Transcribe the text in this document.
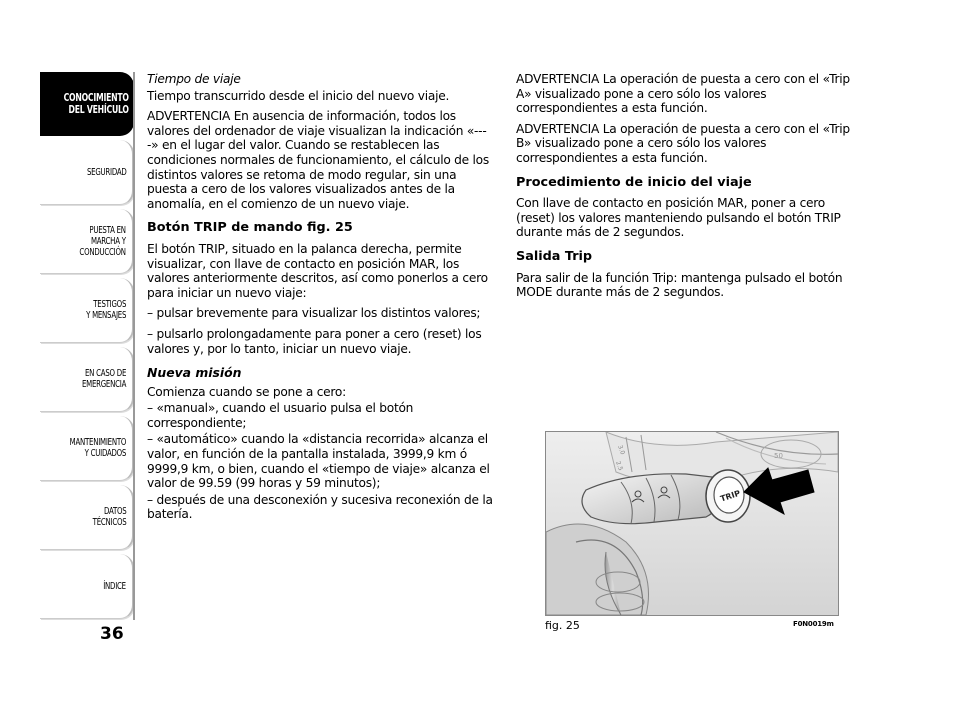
CONOCIMIENTO
DEL VEHÍCULO
SEGURIDAD
PUESTA EN
MARCHA Y
CONDUCCIÓN
TESTIGOS
Y MENSAJES
EN CASO DE
EMERGENCIA
MANTENIMIENTO
Y CUIDADOS
DATOS
TÉCNICOS
ÍNDICE
36

Tiempo de viaje

Tiempo transcurrido desde el inicio del nuevo viaje.

ADVERTENCIA En ausencia de información, todos los valores del ordenador de viaje visualizan la indicación «----» en el lugar del valor. Cuando se restablecen las condiciones normales de funcionamiento, el cálculo de los distintos valores se retoma de modo regular, sin una puesta a cero de los valores visualizados antes de la anomalía, en el comienzo de un nuevo viaje.

Botón TRIP de mando fig. 25

El botón TRIP, situado en la palanca derecha, permite visualizar, con llave de contacto en posición MAR, los valores anteriormente descritos, así como ponerlos a cero para iniciar un nuevo viaje:

– pulsar brevemente para visualizar los distintos valores;

– pulsarlo prolongadamente para poner a cero (reset) los valores y, por lo tanto, iniciar un nuevo viaje.

Nueva misión

Comienza cuando se pone a cero:

– «manual», cuando el usuario pulsa el botón correspondiente;

– «automático» cuando la «distancia recorrida» alcanza el valor, en función de la pantalla instalada, 3999,9 km ó 9999,9 km, o bien, cuando el «tiempo de viaje» alcanza el valor de 99.59 (99 horas y 59 minutos);

– después de una desconexión y sucesiva reconexión de la batería.

ADVERTENCIA La operación de puesta a cero con el «Trip A» visualizado pone a cero sólo los valores correspondientes a esta función.

ADVERTENCIA La operación de puesta a cero con el «Trip B» visualizado pone a cero sólo los valores correspondientes a esta función.

Procedimiento de inicio del viaje

Con llave de contacto en posición MAR, poner a cero (reset) los valores manteniendo pulsando el botón TRIP durante más de 2 segundos.

Salida Trip

Para salir de la función Trip: mantenga pulsado el botón MODE durante más de 2 segundos.

50
3.0
2.5
TRIP
fig. 25	F0N0019m
